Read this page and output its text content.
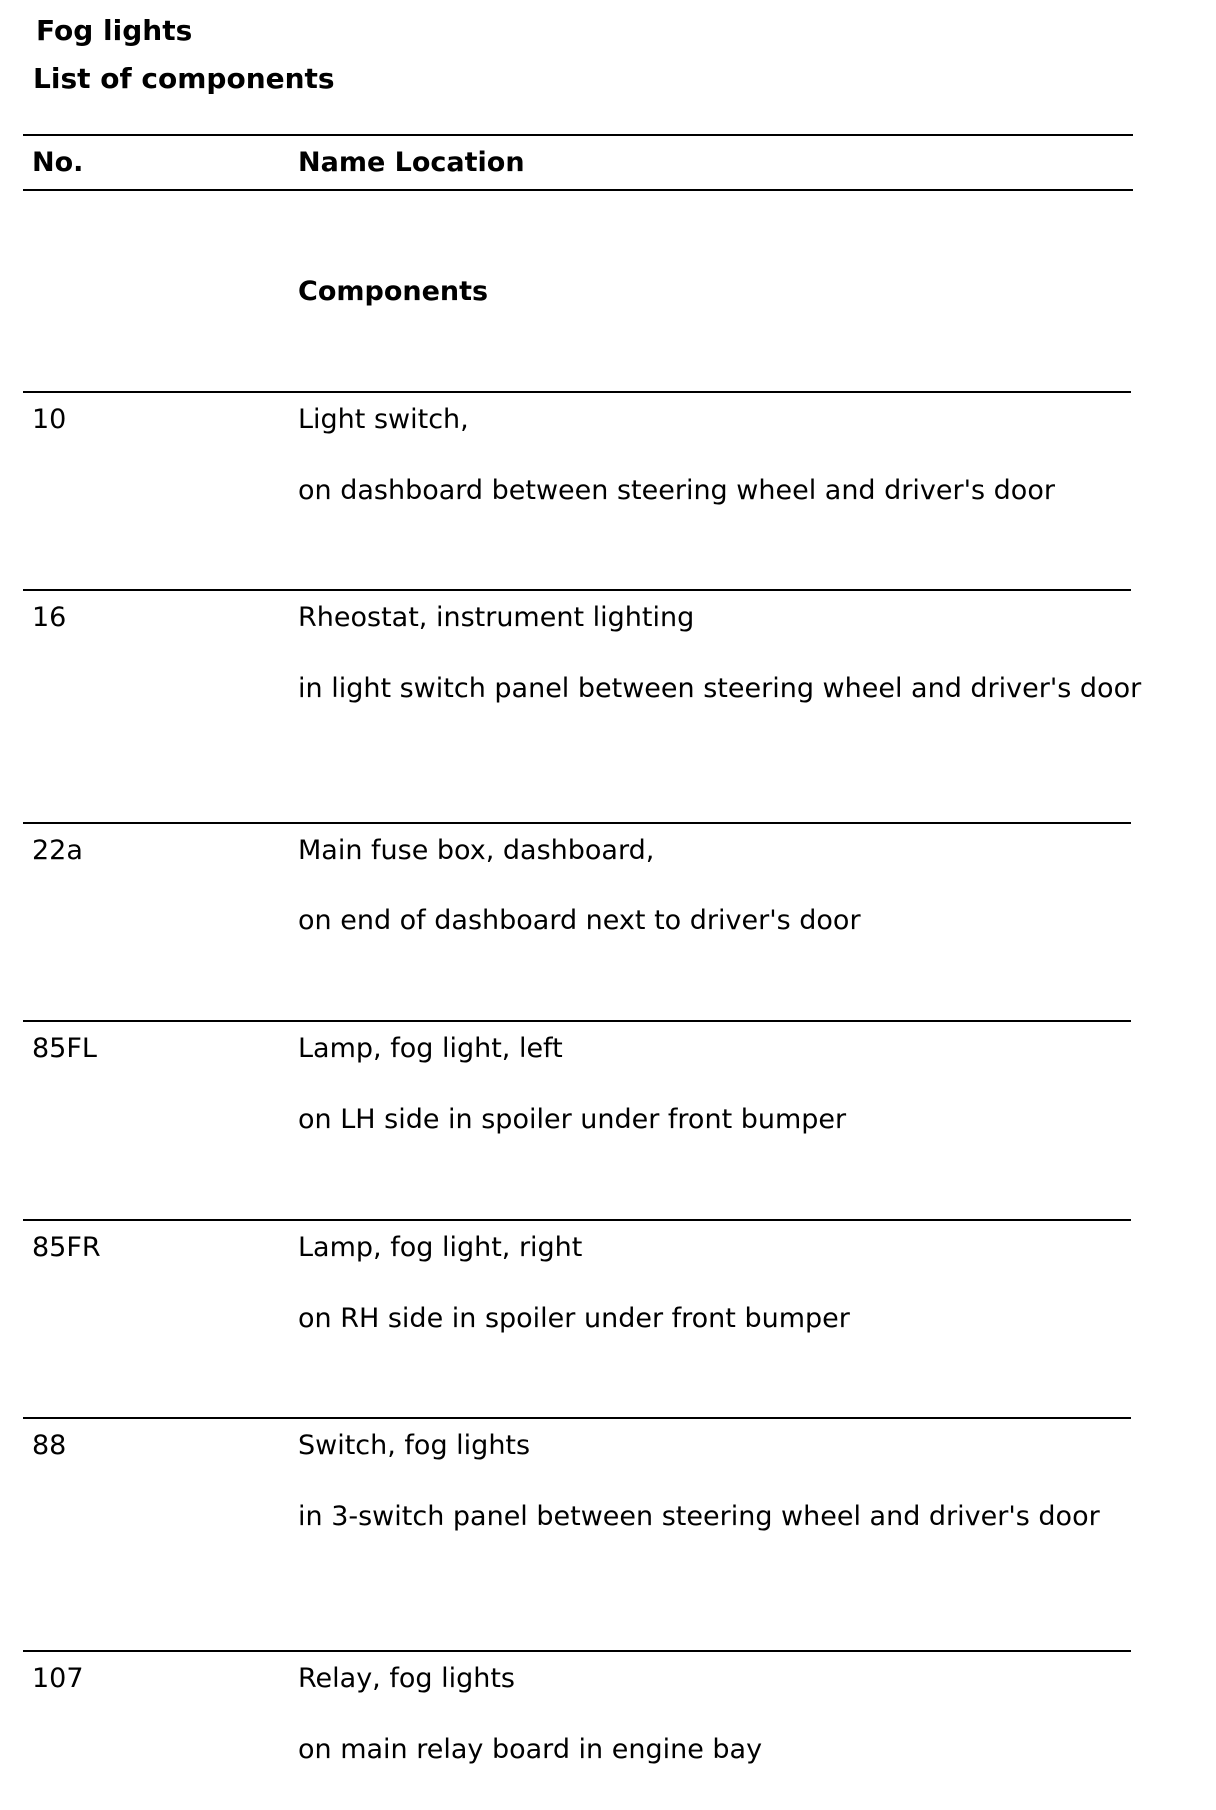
Fog lights
List of components
No.	Name Location
Components
10	Light switch,
on dashboard between steering wheel and driver's door
16	Rheostat, instrument lighting
in light switch panel between steering wheel and driver's door
22a	Main fuse box, dashboard,
on end of dashboard next to driver's door
85FL	Lamp, fog light, left
on LH side in spoiler under front bumper
85FR	Lamp, fog light, right
on RH side in spoiler under front bumper
88	Switch, fog lights
in 3-switch panel between steering wheel and driver's door
107	Relay, fog lights
on main relay board in engine bay
